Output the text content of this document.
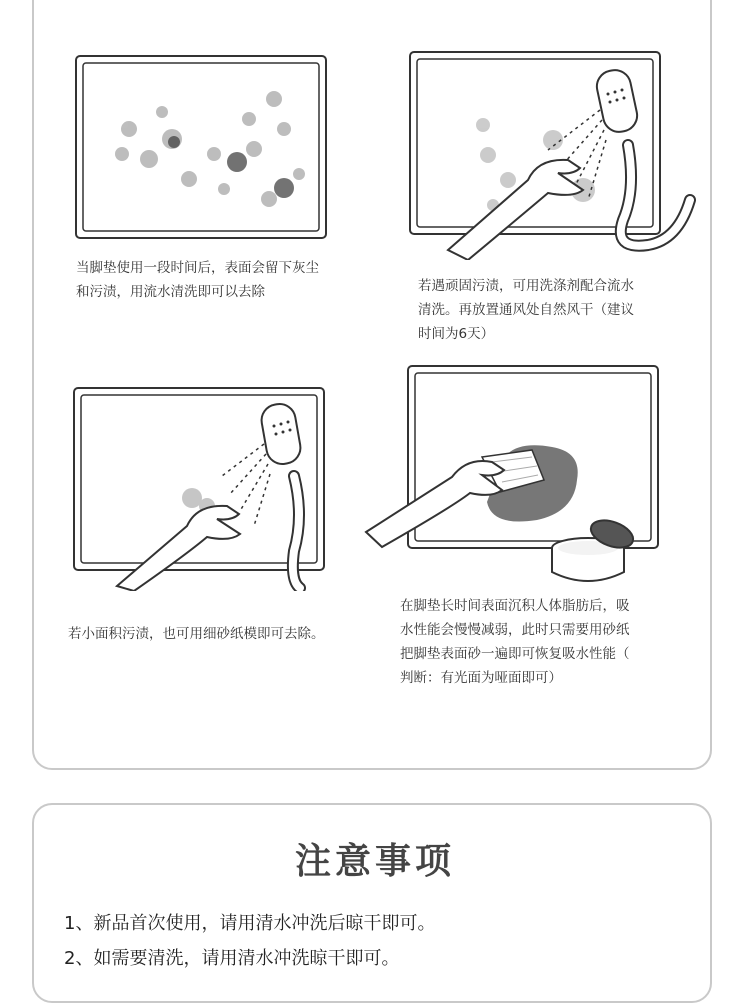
当脚垫使用一段时间后，表面会留下灰尘
和污渍，用流水清洗即可以去除	若遇顽固污渍，可用洗涤剂配合流水
清洗。再放置通风处自然风干（建议
时间为6天）
若小面积污渍，也可用细砂纸模即可去除。
在脚垫长时间表面沉积人体脂肪后，吸
水性能会慢慢减弱，此时只需要用砂纸
把脚垫表面砂一遍即可恢复吸水性能（
判断：有光面为哑面即可）
注意事项
1、新品首次使用，请用清水冲洗后晾干即可。
2、如需要清洗，请用清水冲洗晾干即可。
